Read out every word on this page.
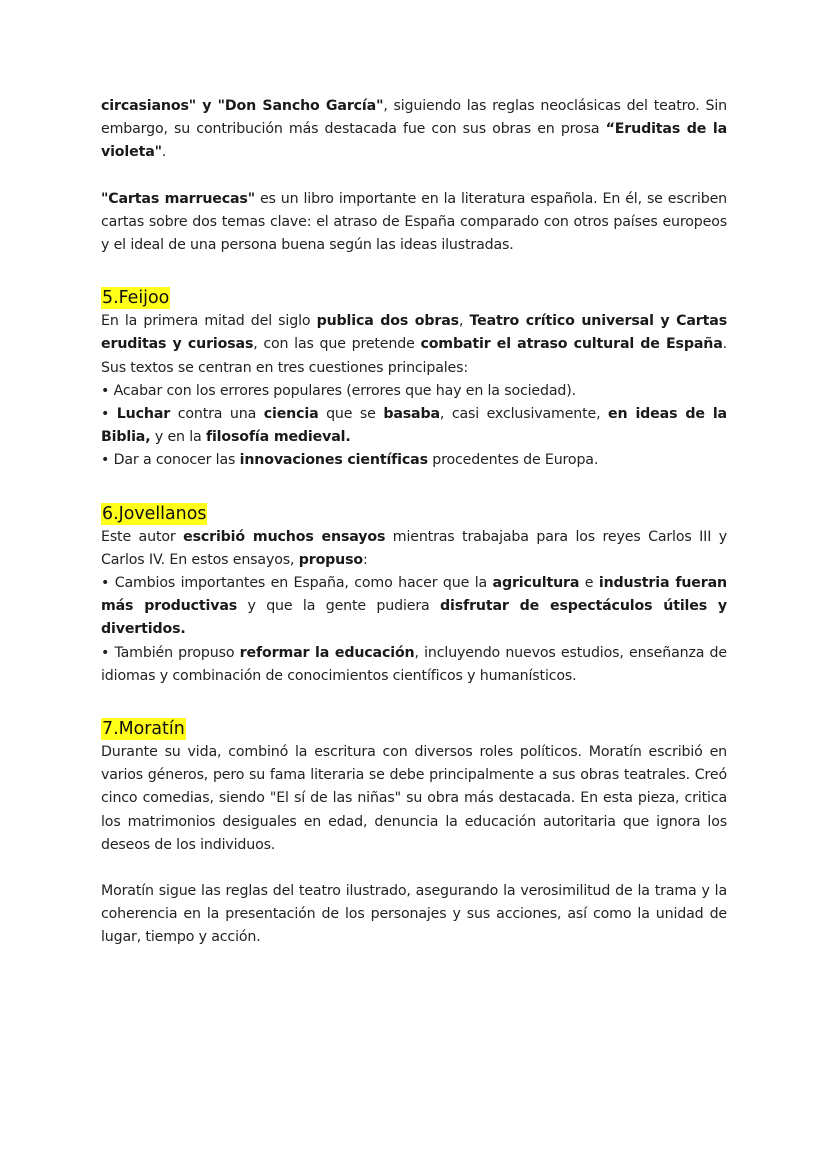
circasianos" y "Don Sancho García", siguiendo las reglas neoclásicas del teatro. Sin embargo, su contribución más destacada fue con sus obras en prosa “Eruditas de la violeta".

"Cartas marruecas" es un libro importante en la literatura española. En él, se escriben cartas sobre dos temas clave: el atraso de España comparado con otros países europeos y el ideal de una persona buena según las ideas ilustradas.

5.Feijoo

En la primera mitad del siglo publica dos obras, Teatro crítico universal y Cartas eruditas y curiosas, con las que pretende combatir el atraso cultural de España. Sus textos se centran en tres cuestiones principales:

• Acabar con los errores populares (errores que hay en la sociedad).

• Luchar contra una ciencia que se basaba, casi exclusivamente, en ideas de la Biblia, y en la filosofía medieval.

• Dar a conocer las innovaciones científicas procedentes de Europa.

6.Jovellanos

Este autor escribió muchos ensayos mientras trabajaba para los reyes Carlos III y Carlos IV. En estos ensayos, propuso:

• Cambios importantes en España, como hacer que la agricultura e industria fueran más productivas y que la gente pudiera disfrutar de espectáculos útiles y divertidos.

• También propuso reformar la educación, incluyendo nuevos estudios, enseñanza de idiomas y combinación de conocimientos científicos y humanísticos.

7.Moratín

Durante su vida, combinó la escritura con diversos roles políticos. Moratín escribió en varios géneros, pero su fama literaria se debe principalmente a sus obras teatrales. Creó cinco comedias, siendo "El sí de las niñas" su obra más destacada. En esta pieza, critica los matrimonios desiguales en edad, denuncia la educación autoritaria que ignora los deseos de los individuos.

Moratín sigue las reglas del teatro ilustrado, asegurando la verosimilitud de la trama y la coherencia en la presentación de los personajes y sus acciones, así como la unidad de lugar, tiempo y acción.
